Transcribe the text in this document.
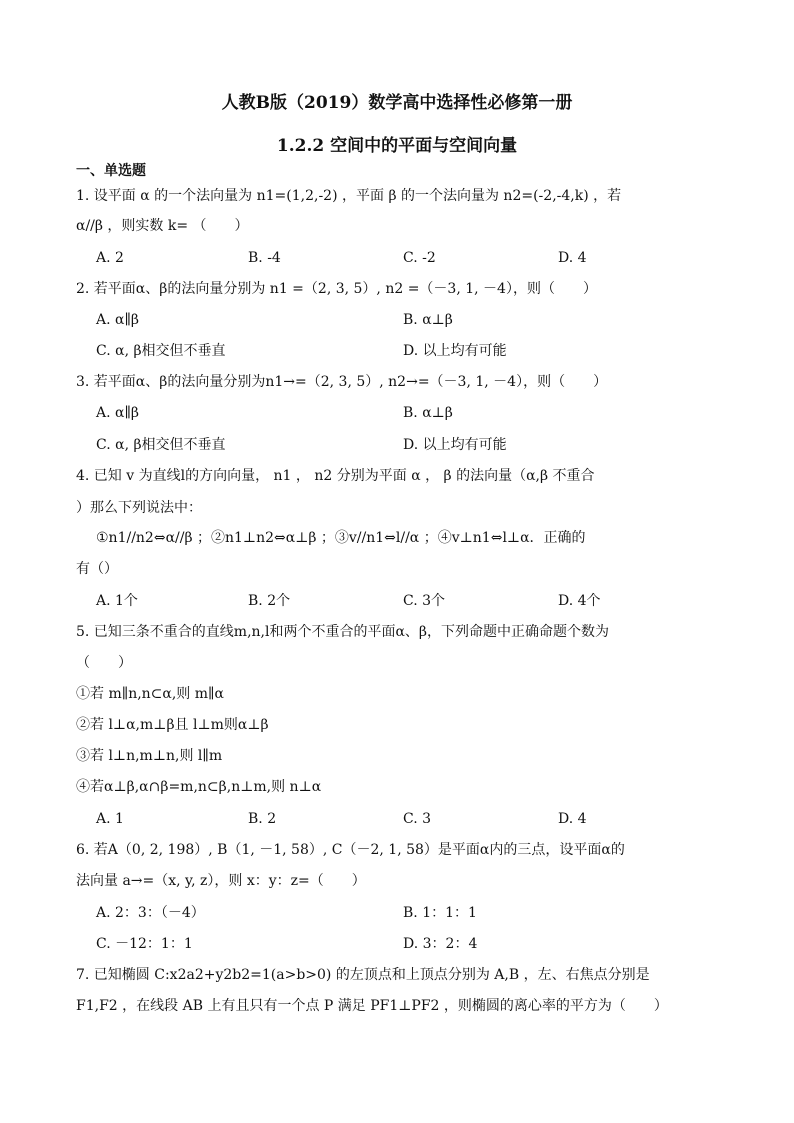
人教B版（2019）数学高中选择性必修第一册
1.2.2 空间中的平面与空间向量
一、单选题
1. 设平面 α 的一个法向量为 n1=(1,2,-2) ，平面 β 的一个法向量为 n2=(-2,-4,k) ，若
α//β ，则实数 k= （　　）
A. 2	B. -4	C. -2	D. 4
2. 若平面α、β的法向量分别为 n1 =（2, 3, 5）, n2 =（－3, 1, －4），则（　　）
A. α∥β	B. α⊥β
C. α, β相交但不垂直	D. 以上均有可能
3. 若平面α、β的法向量分别为n1→=（2, 3, 5）, n2→=（－3, 1, －4），则（　　）
A. α∥β	B. α⊥β
C. α, β相交但不垂直	D. 以上均有可能
4. 已知 v 为直线l的方向向量， n1 ， n2 分别为平面 α ， β 的法向量（α,β 不重合
）那么下列说法中：
①n1//n2⇔α//β ；②n1⊥n2⇔α⊥β ；③v//n1⇔l//α ；④v⊥n1⇔l⊥α．正确的
有（）
A. 1个	B. 2个	C. 3个	D. 4个
5. 已知三条不重合的直线m,n,l和两个不重合的平面α、β，下列命题中正确命题个数为
（　　）
①若 m∥n,n⊂α,则 m∥α
②若 l⊥α,m⊥β且 l⊥m则α⊥β
③若 l⊥n,m⊥n,则 l∥m
④若α⊥β,α∩β=m,n⊂β,n⊥m,则 n⊥α
A. 1	B. 2	C. 3	D. 4
6. 若A（0, 2, 198）, B（1, －1, 58）, C（－2, 1, 58）是平面α内的三点，设平面α的
法向量 a→=（x, y, z），则 x：y：z=（　　）
A. 2：3：（－4）	B. 1：1：1
C. －12：1：1	D. 3：2：4
7. 已知椭圆 C:x2a2+y2b2=1(a>b>0) 的左顶点和上顶点分别为 A,B ，左、右焦点分别是
F1,F2 ，在线段 AB 上有且只有一个点 P 满足 PF1⊥PF2 ，则椭圆的离心率的平方为（　　）
